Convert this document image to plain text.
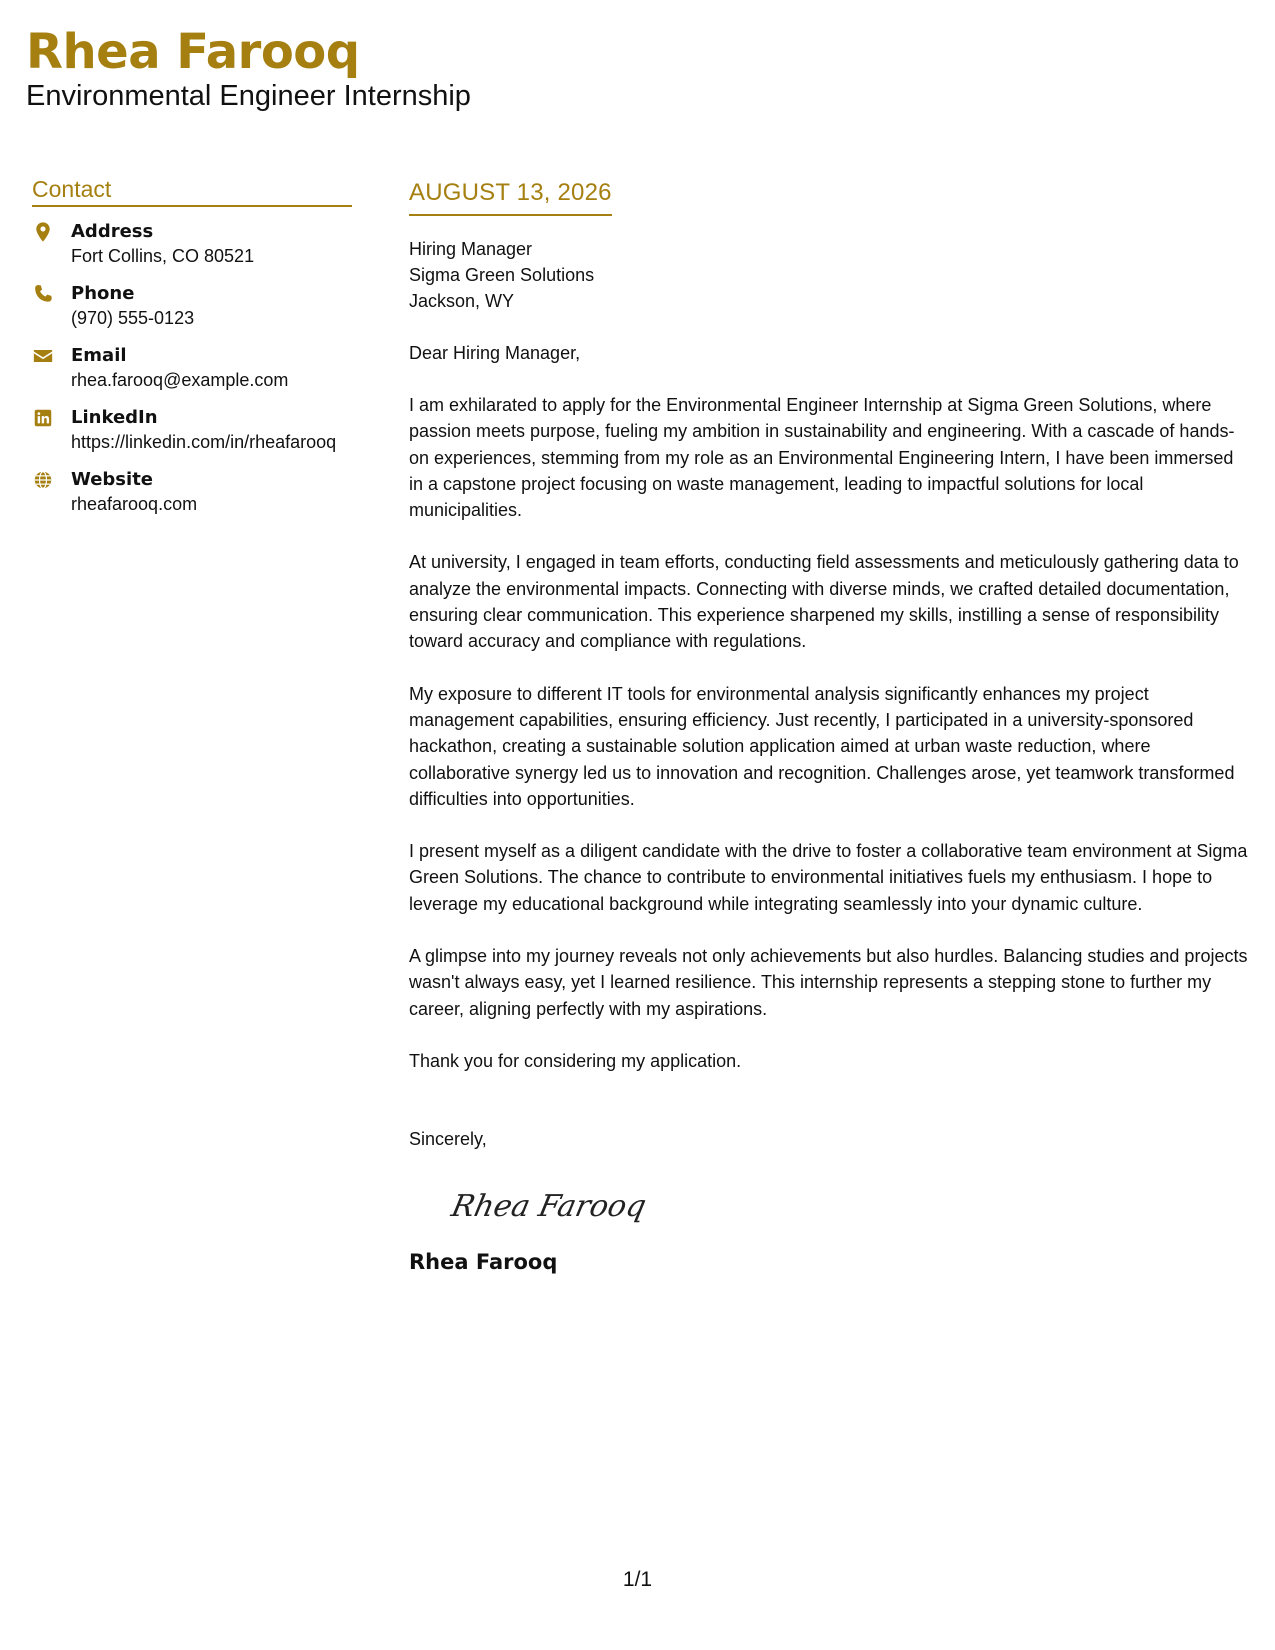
Rhea Farooq
Environmental Engineer Internship
Contact
Address
Fort Collins, CO 80521
Phone
(970) 555-0123
Email
rhea.farooq@example.com
LinkedIn
https://linkedin.com/in/rheafarooq
Website
rheafarooq.com
AUGUST 13, 2026
Hiring Manager
Sigma Green Solutions
Jackson, WY
Dear Hiring Manager,
I am exhilarated to apply for the Environmental Engineer Internship at Sigma Green Solutions, where passion meets purpose, fueling my ambition in sustainability and engineering. With a cascade of hands-on experiences, stemming from my role as an Environmental Engineering Intern, I have been immersed in a capstone project focusing on waste management, leading to impactful solutions for local municipalities.
At university, I engaged in team efforts, conducting field assessments and meticulously gathering data to analyze the environmental impacts. Connecting with diverse minds, we crafted detailed documentation, ensuring clear communication. This experience sharpened my skills, instilling a sense of responsibility toward accuracy and compliance with regulations.
My exposure to different IT tools for environmental analysis significantly enhances my project management capabilities, ensuring efficiency. Just recently, I participated in a university-sponsored hackathon, creating a sustainable solution application aimed at urban waste reduction, where collaborative synergy led us to innovation and recognition. Challenges arose, yet teamwork transformed difficulties into opportunities.
I present myself as a diligent candidate with the drive to foster a collaborative team environment at Sigma Green Solutions. The chance to contribute to environmental initiatives fuels my enthusiasm. I hope to leverage my educational background while integrating seamlessly into your dynamic culture.
A glimpse into my journey reveals not only achievements but also hurdles. Balancing studies and projects wasn't always easy, yet I learned resilience. This internship represents a stepping stone to further my career, aligning perfectly with my aspirations.
Thank you for considering my application.
Sincerely,
Rhea Farooq
Rhea Farooq
1/1
